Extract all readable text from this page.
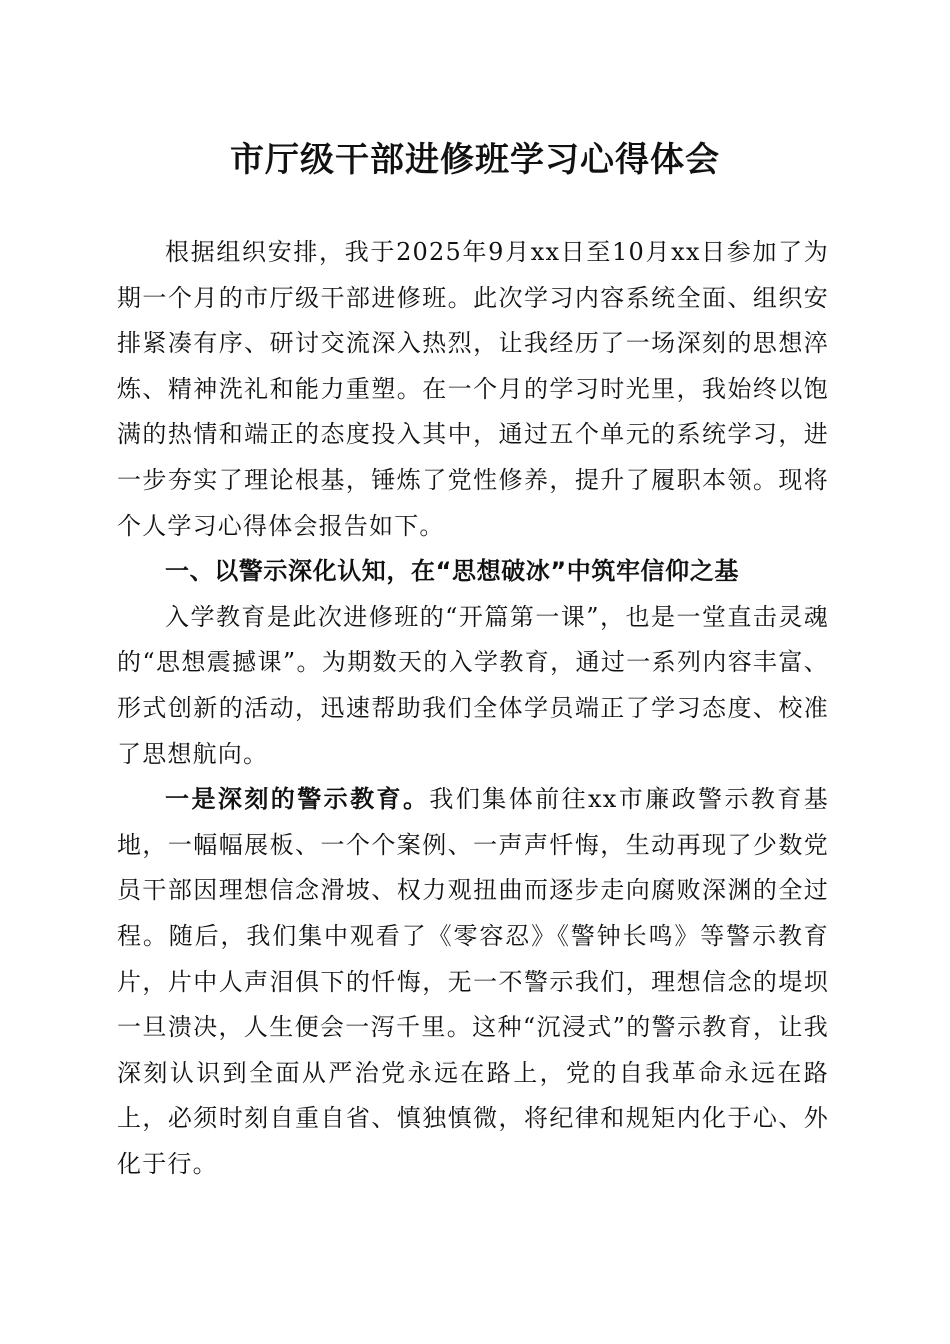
市厅级干部进修班学习心得体会

根据组织安排，我于2025年9月xx日至10月xx日参加了为期一个月的市厅级干部进修班。此次学习内容系统全面、组织安排紧凑有序、研讨交流深入热烈，让我经历了一场深刻的思想淬炼、精神洗礼和能力重塑。在一个月的学习时光里，我始终以饱满的热情和端正的态度投入其中，通过五个单元的系统学习，进一步夯实了理论根基，锤炼了党性修养，提升了履职本领。现将个人学习心得体会报告如下。

一、以警示深化认知，在“思想破冰”中筑牢信仰之基

入学教育是此次进修班的“开篇第一课”，也是一堂直击灵魂的“思想震撼课”。为期数天的入学教育，通过一系列内容丰富、形式创新的活动，迅速帮助我们全体学员端正了学习态度、校准了思想航向。

一是深刻的警示教育。我们集体前往xx市廉政警示教育基地，一幅幅展板、一个个案例、一声声忏悔，生动再现了少数党员干部因理想信念滑坡、权力观扭曲而逐步走向腐败深渊的全过程。随后，我们集中观看了《零容忍》《警钟长鸣》等警示教育片，片中人声泪俱下的忏悔，无一不警示我们，理想信念的堤坝一旦溃决，人生便会一泻千里。这种“沉浸式”的警示教育，让我深刻认识到全面从严治党永远在路上，党的自我革命永远在路上，必须时刻自重自省、慎独慎微，将纪律和规矩内化于心、外化于行。
